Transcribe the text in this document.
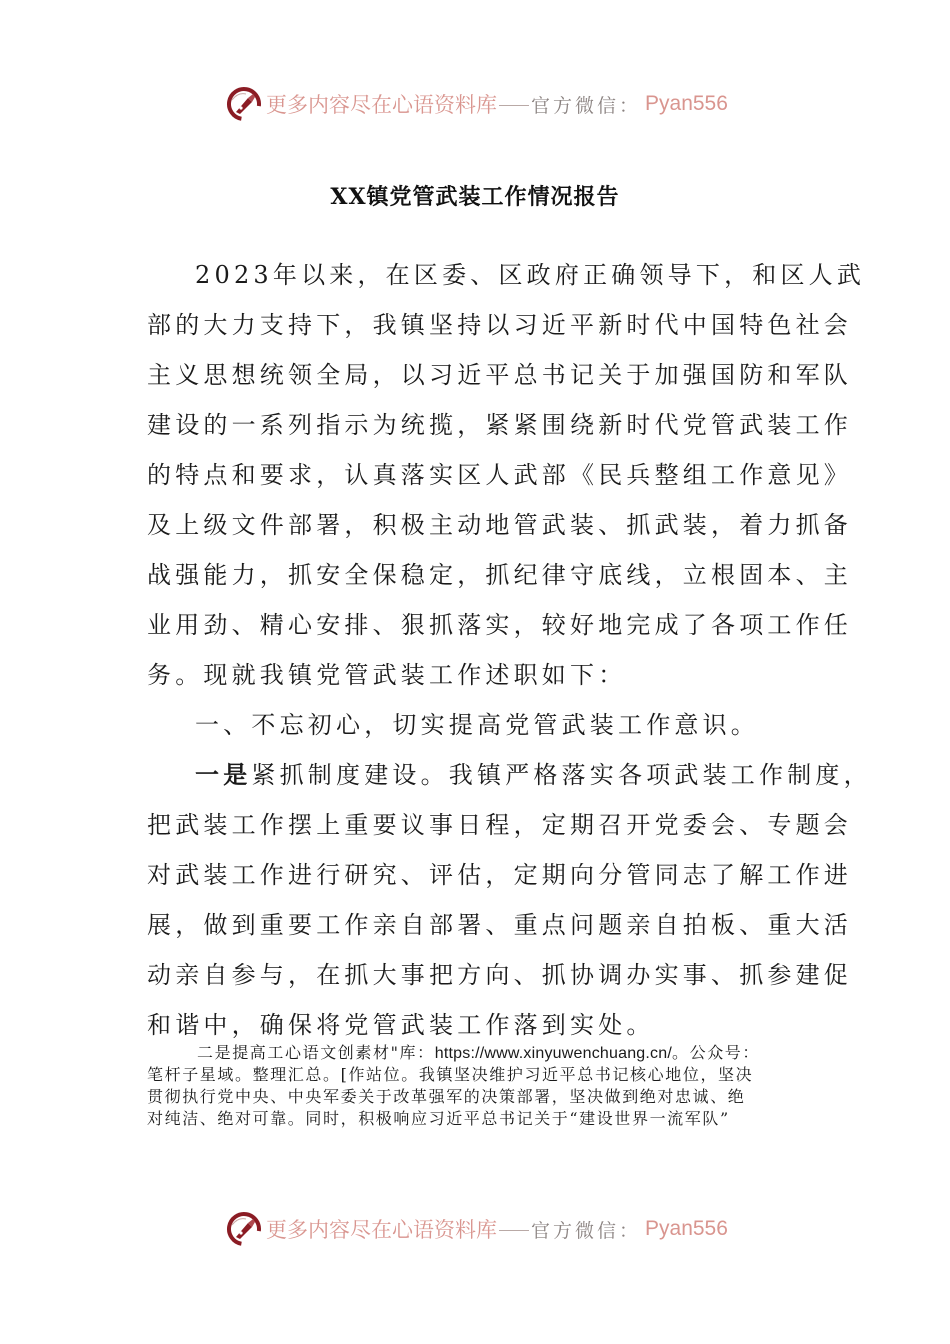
更多内容尽在心语资料库 官方微信： Pyan556
XX镇党管武装工作情况报告
2023年以来，在区委、区政府正确领导下，和区人武
部的大力支持下，我镇坚持以习近平新时代中国特色社会
主义思想统领全局，以习近平总书记关于加强国防和军队
建设的一系列指示为统揽，紧紧围绕新时代党管武装工作
的特点和要求，认真落实区人武部《民兵整组工作意见》
及上级文件部署，积极主动地管武装、抓武装，着力抓备
战强能力，抓安全保稳定，抓纪律守底线，立根固本、主
业用劲、精心安排、狠抓落实，较好地完成了各项工作任
务。现就我镇党管武装工作述职如下：
一、不忘初心，切实提高党管武装工作意识。
一是紧抓制度建设。我镇严格落实各项武装工作制度，
把武装工作摆上重要议事日程，定期召开党委会、专题会
对武装工作进行研究、评估，定期向分管同志了解工作进
展，做到重要工作亲自部署、重点问题亲自拍板、重大活
动亲自参与，在抓大事把方向、抓协调办实事、抓参建促
和谐中，确保将党管武装工作落到实处。
二是提高工心语文创素材"库：https://www.xinyuwenchuang.cn/。公众号：
笔杆子星域。整理汇总。[作站位。我镇坚决维护习近平总书记核心地位，坚决
贯彻执行党中央、中央军委关于改革强军的决策部署，坚决做到绝对忠诚、绝
对纯洁、绝对可靠。同时，积极响应习近平总书记关于“建设世界一流军队”
更多内容尽在心语资料库 官方微信： Pyan556
